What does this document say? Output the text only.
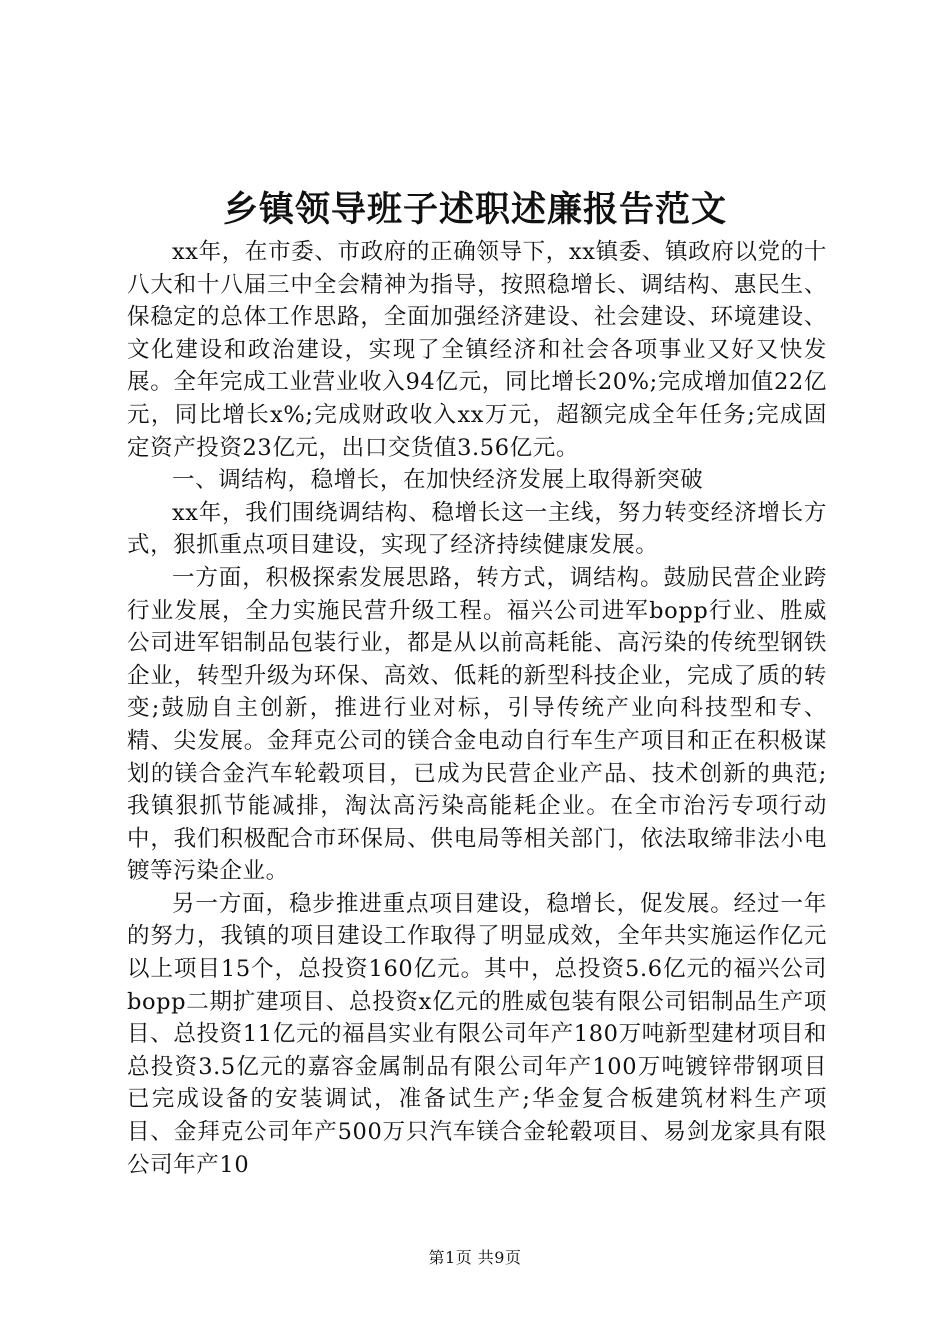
乡镇领导班子述职述廉报告范文

xx年，在市委、市政府的正确领导下，xx镇委、镇政府以党的十八大和十八届三中全会精神为指导，按照稳增长、调结构、惠民生、保稳定的总体工作思路，全面加强经济建设、社会建设、环境建设、文化建设和政治建设，实现了全镇经济和社会各项事业又好又快发展。全年完成工业营业收入94亿元，同比增长20%;完成增加值22亿元，同比增长x%;完成财政收入xx万元，超额完成全年任务;完成固定资产投资23亿元，出口交货值3.56亿元。

一、调结构，稳增长，在加快经济发展上取得新突破

xx年，我们围绕调结构、稳增长这一主线，努力转变经济增长方式，狠抓重点项目建设，实现了经济持续健康发展。

一方面，积极探索发展思路，转方式，调结构。鼓励民营企业跨行业发展，全力实施民营升级工程。福兴公司进军bopp行业、胜威公司进军铝制品包装行业，都是从以前高耗能、高污染的传统型钢铁企业，转型升级为环保、高效、低耗的新型科技企业，完成了质的转变;鼓励自主创新，推进行业对标，引导传统产业向科技型和专、精、尖发展。金拜克公司的镁合金电动自行车生产项目和正在积极谋划的镁合金汽车轮毂项目，已成为民营企业产品、技术创新的典范;我镇狠抓节能减排，淘汰高污染高能耗企业。在全市治污专项行动中，我们积极配合市环保局、供电局等相关部门，依法取缔非法小电镀等污染企业。

另一方面，稳步推进重点项目建设，稳增长，促发展。经过一年的努力，我镇的项目建设工作取得了明显成效，全年共实施运作亿元以上项目15个，总投资160亿元。其中，总投资5.6亿元的福兴公司bopp二期扩建项目、总投资x亿元的胜威包装有限公司铝制品生产项目、总投资11亿元的福昌实业有限公司年产180万吨新型建材项目和总投资3.5亿元的嘉容金属制品有限公司年产100万吨镀锌带钢项目已完成设备的安装调试，准备试生产;华金复合板建筑材料生产项目、金拜克公司年产500万只汽车镁合金轮毂项目、易剑龙家具有限公司年产10

第1页 共9页
